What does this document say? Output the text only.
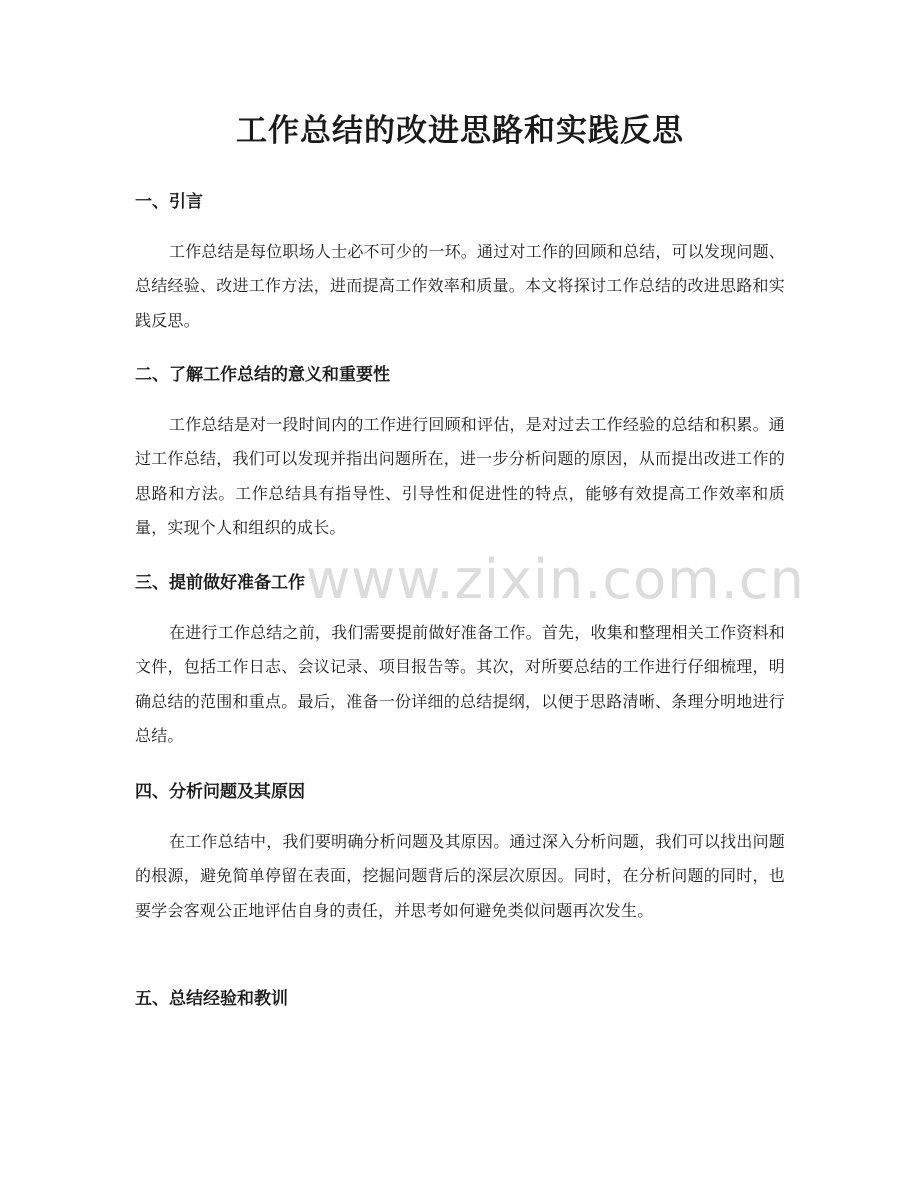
工作总结的改进思路和实践反思
一、引言

工作总结是每位职场人士必不可少的一环。通过对工作的回顾和总结，可以发现问题、总结经验、改进工作方法，进而提高工作效率和质量。本文将探讨工作总结的改进思路和实践反思。

二、了解工作总结的意义和重要性

工作总结是对一段时间内的工作进行回顾和评估，是对过去工作经验的总结和积累。通过工作总结，我们可以发现并指出问题所在，进一步分析问题的原因，从而提出改进工作的思路和方法。工作总结具有指导性、引导性和促进性的特点，能够有效提高工作效率和质量，实现个人和组织的成长。

三、提前做好准备工作

在进行工作总结之前，我们需要提前做好准备工作。首先，收集和整理相关工作资料和文件，包括工作日志、会议记录、项目报告等。其次，对所要总结的工作进行仔细梳理，明确总结的范围和重点。最后，准备一份详细的总结提纲，以便于思路清晰、条理分明地进行总结。

四、分析问题及其原因

在工作总结中，我们要明确分析问题及其原因。通过深入分析问题，我们可以找出问题的根源，避免简单停留在表面，挖掘问题背后的深层次原因。同时，在分析问题的同时，也要学会客观公正地评估自身的责任，并思考如何避免类似问题再次发生。

五、总结经验和教训

www.zixin.com.cn
